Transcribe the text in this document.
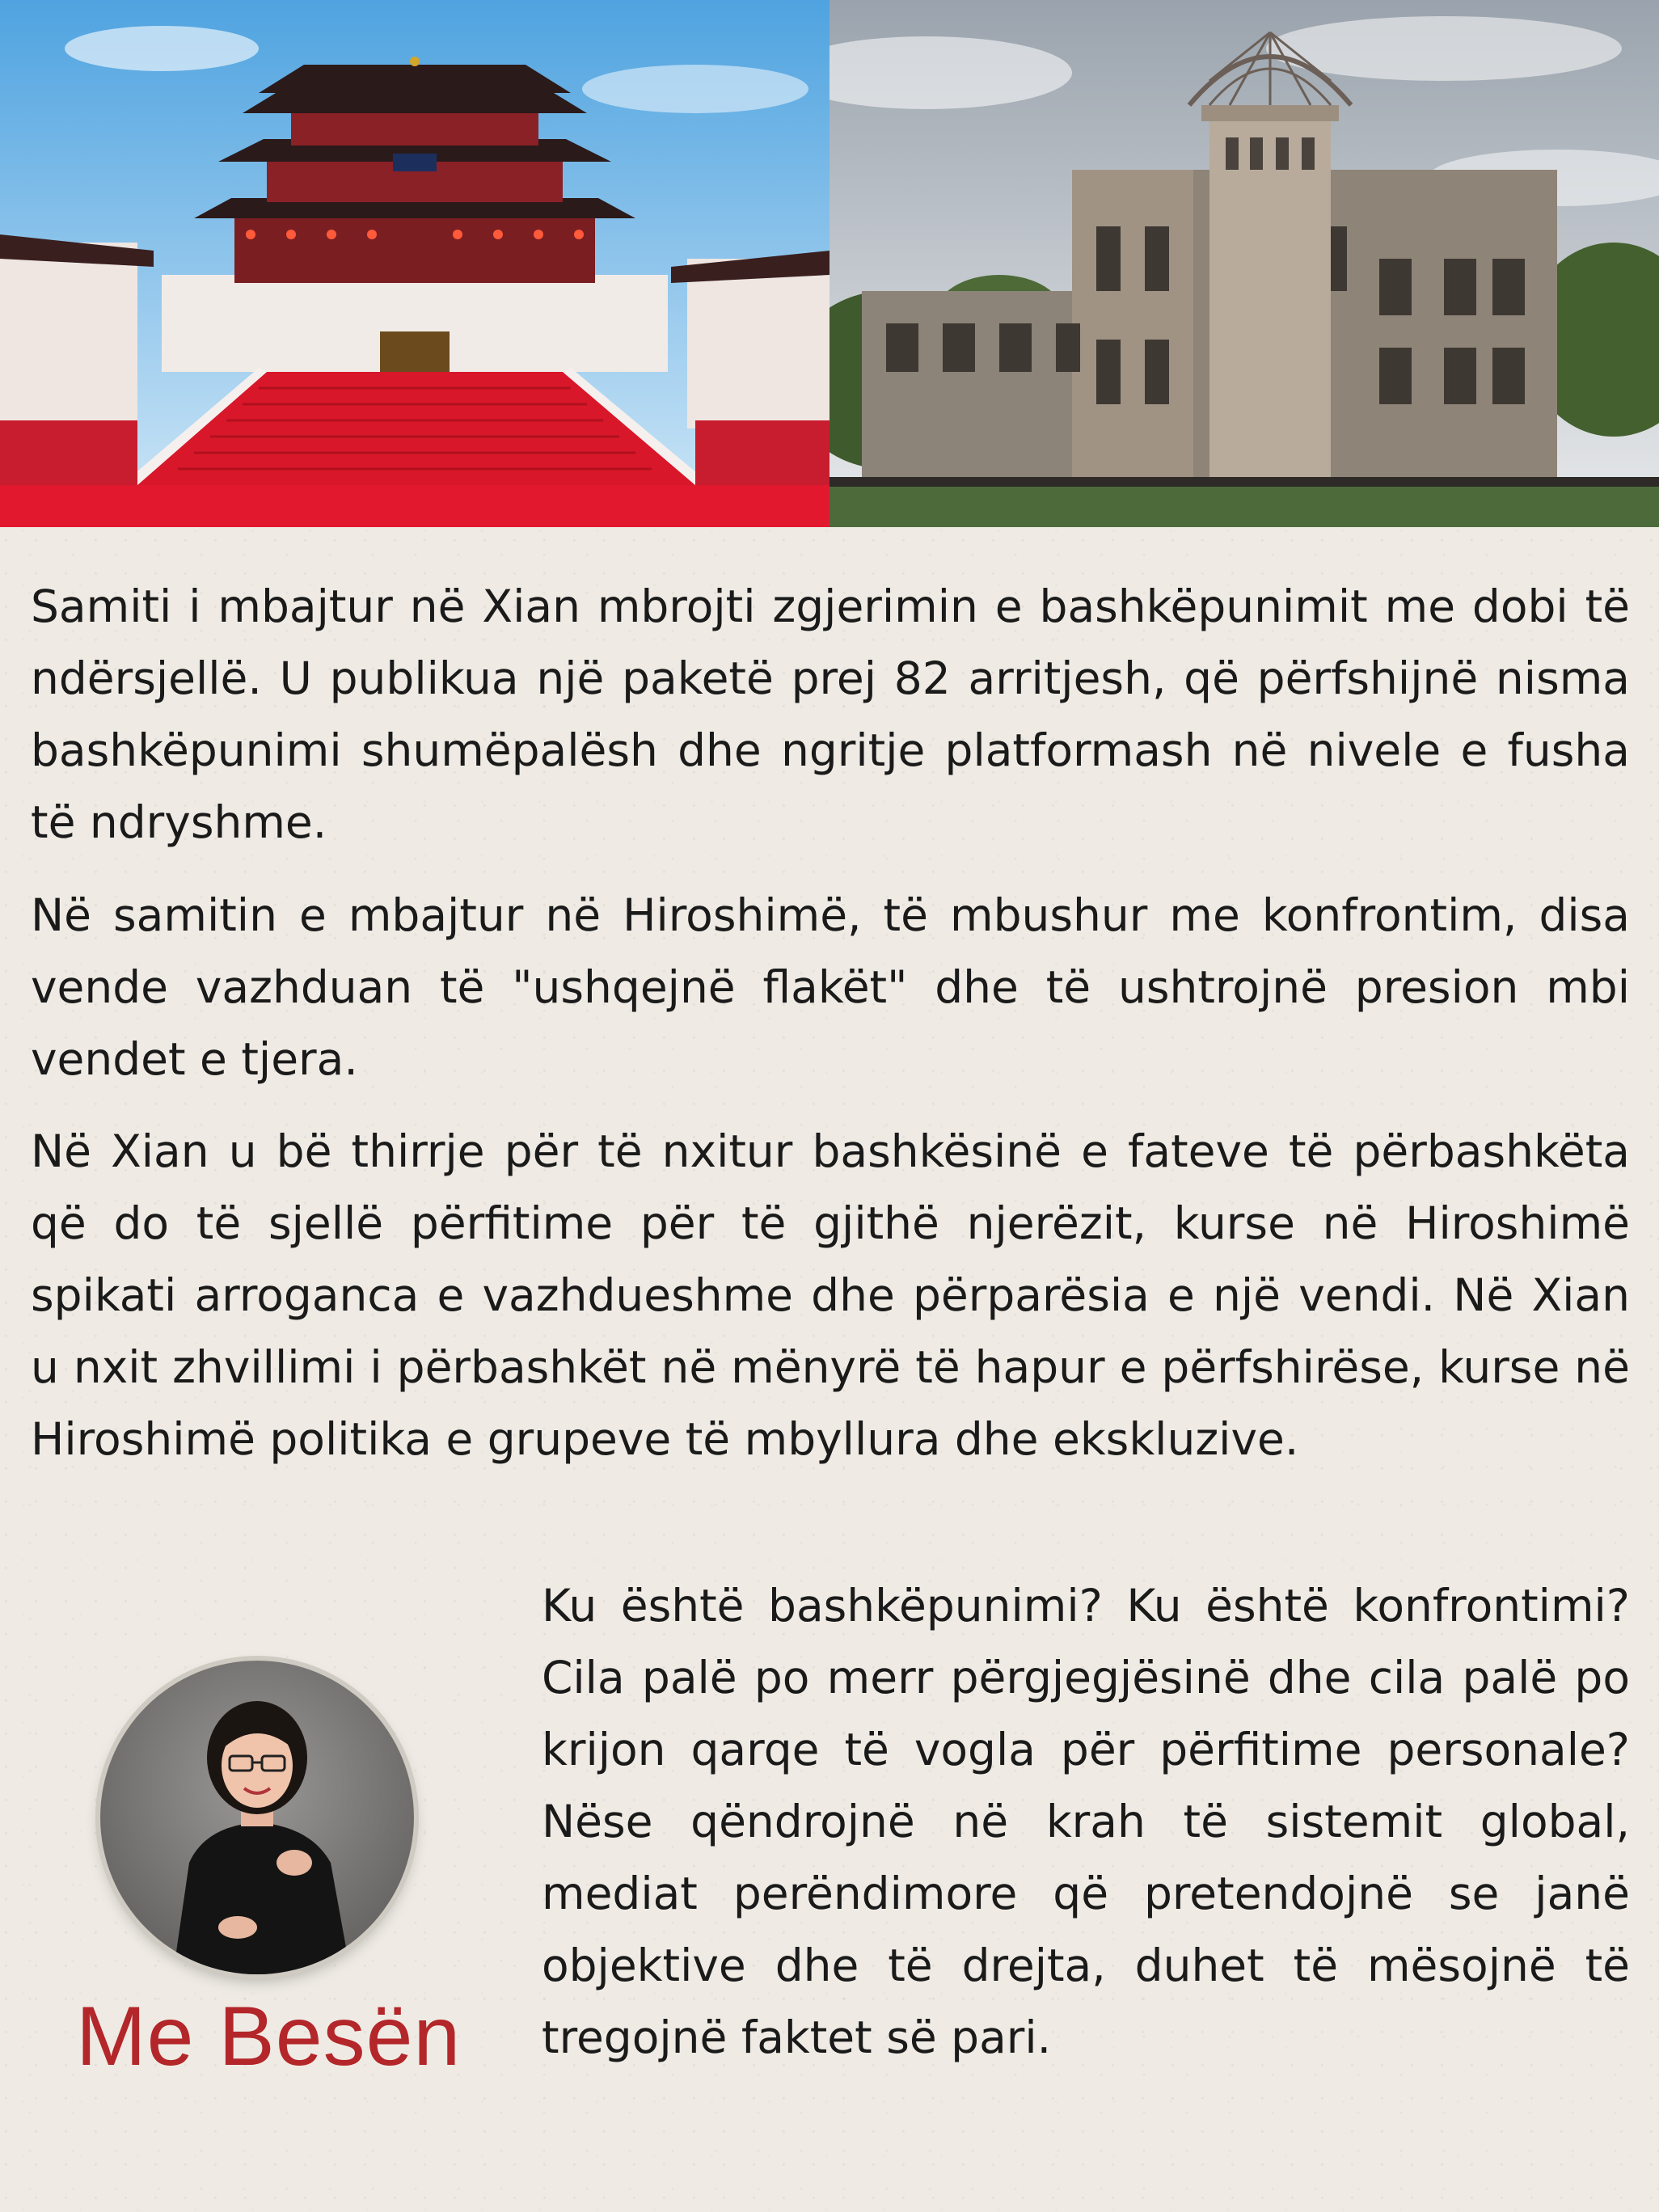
Samiti i mbajtur në Xian mbrojti zgjerimin e bashkëpunimit me dobi të ndërsjellë. U publikua një paketë prej 82 arritjesh, që përfshijnë nisma bashkëpunimi shumëpalësh dhe ngritje platformash në nivele e fusha të ndryshme.

Në samitin e mbajtur në Hiroshimë, të mbushur me konfrontim, disa vende vazhduan të "ushqejnë flakët" dhe të ushtrojnë presion mbi vendet e tjera.

Në Xian u bë thirrje për të nxitur bashkësinë e fateve të përbashkëta që do të sjellë përfitime për të gjithë njerëzit, kurse në Hiroshimë spikati arroganca e vazhdueshme dhe përparësia e një vendi. Në Xian u nxit zhvillimi i përbashkët në mënyrë të hapur e përfshirëse, kurse në Hiroshimë politika e grupeve të mbyllura dhe ekskluzive.

Ku është bashkëpunimi? Ku është konfrontimi? Cila palë po merr përgjegjësinë dhe cila palë po krijon qarqe të vogla për përfitime personale? Nëse qëndrojnë në krah të sistemit global, mediat perëndimore që pretendojnë se janë objektive dhe të drejta, duhet të mësojnë të tregojnë faktet së pari.

Me Besën
